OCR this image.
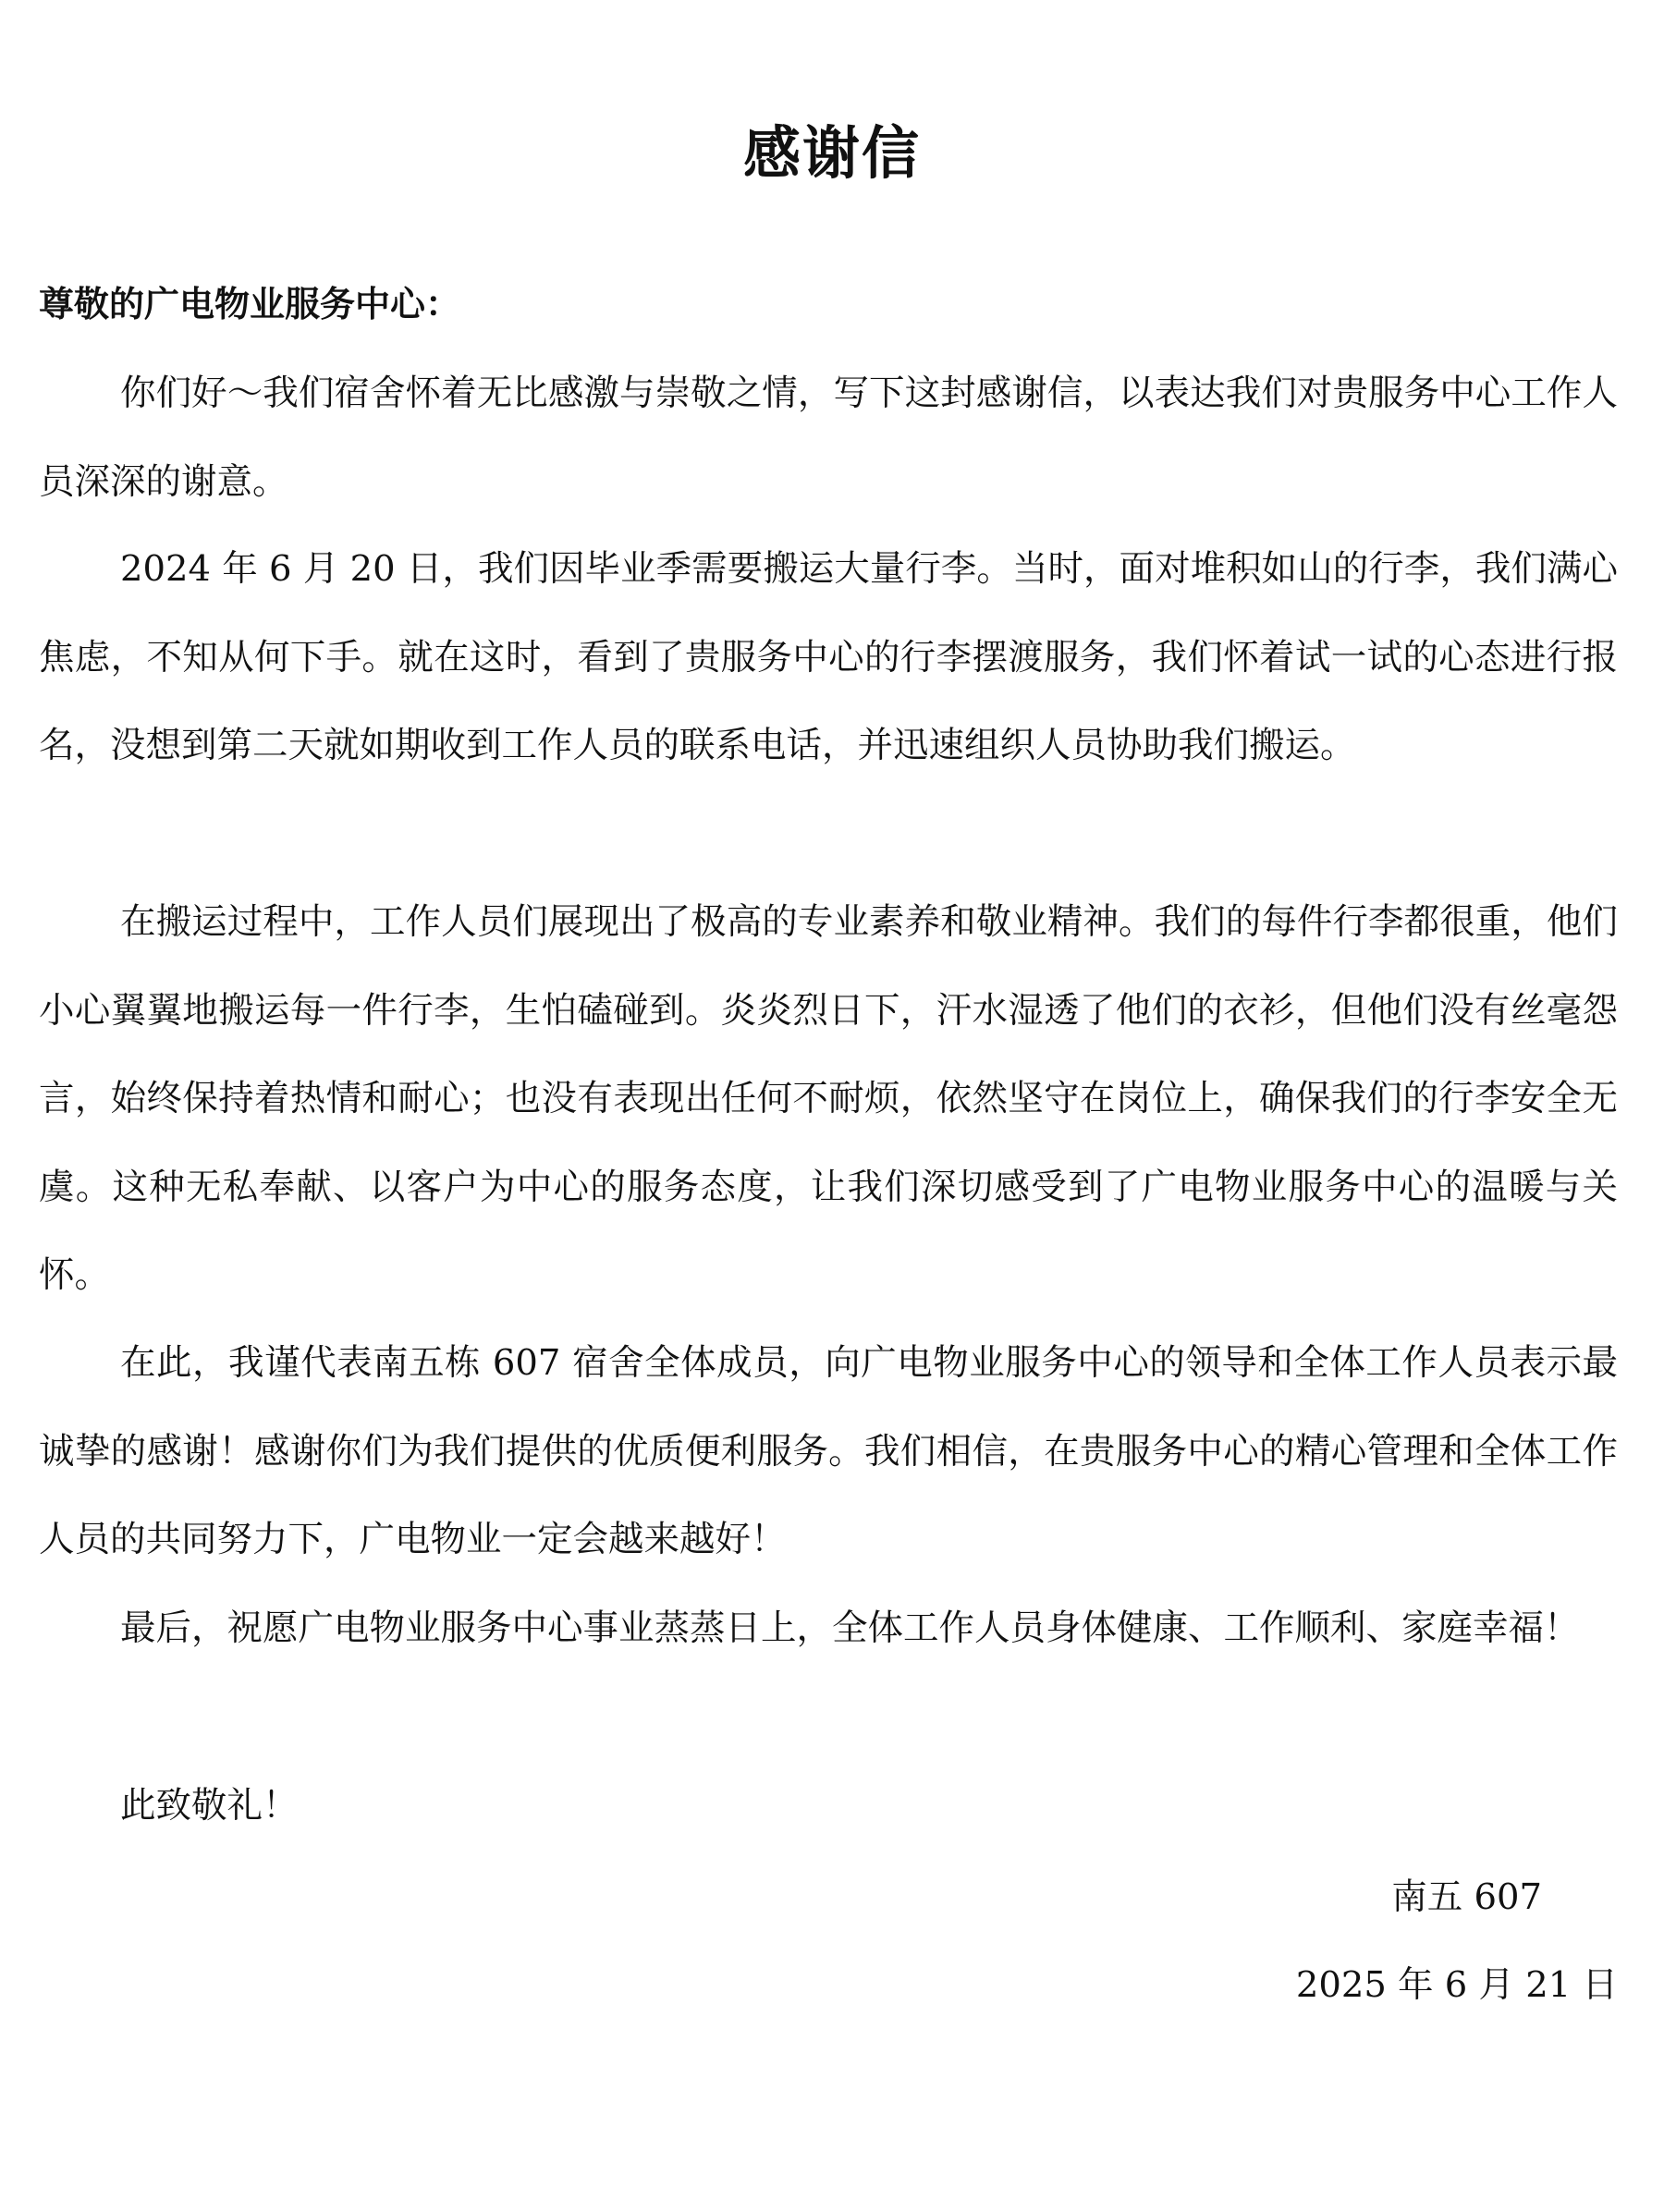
感谢信
尊敬的广电物业服务中心：

你们好～我们宿舍怀着无比感激与崇敬之情，写下这封感谢信，以表达我们对贵服务中心工作人员深深的谢意。

2024 年 6 月 20 日，我们因毕业季需要搬运大量行李。当时，面对堆积如山的行李，我们满心焦虑，不知从何下手。就在这时，看到了贵服务中心的行李摆渡服务，我们怀着试一试的心态进行报名，没想到第二天就如期收到工作人员的联系电话，并迅速组织人员协助我们搬运。

在搬运过程中，工作人员们展现出了极高的专业素养和敬业精神。我们的每件行李都很重，他们小心翼翼地搬运每一件行李，生怕磕碰到。炎炎烈日下，汗水湿透了他们的衣衫，但他们没有丝毫怨言，始终保持着热情和耐心；也没有表现出任何不耐烦，依然坚守在岗位上，确保我们的行李安全无虞。这种无私奉献、以客户为中心的服务态度，让我们深切感受到了广电物业服务中心的温暖与关怀。

在此，我谨代表南五栋 607 宿舍全体成员，向广电物业服务中心的领导和全体工作人员表示最诚挚的感谢！感谢你们为我们提供的优质便利服务。我们相信，在贵服务中心的精心管理和全体工作人员的共同努力下，广电物业一定会越来越好！

最后，祝愿广电物业服务中心事业蒸蒸日上，全体工作人员身体健康、工作顺利、家庭幸福！

此致敬礼！

南五 607
2025 年 6 月 21 日
